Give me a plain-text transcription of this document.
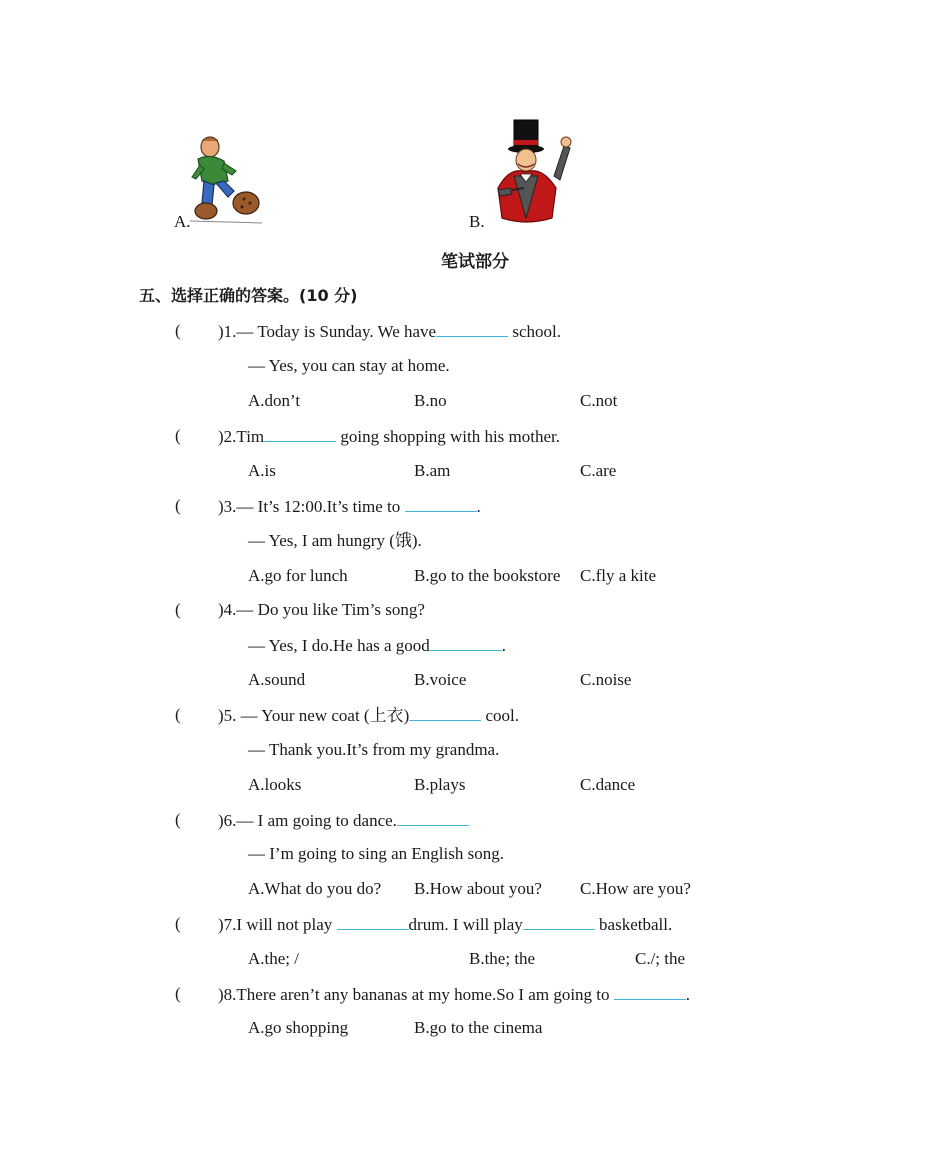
A.	B.
笔试部分
五、选择正确的答案。(10 分)
( )1.— Today is Sunday. We have	school.
— Yes, you can stay at home.
A.don’t	B.no	C.not
( )2.Tim	going shopping with his mother.
A.is	B.am	C.are
( )3.— It’s 12:00.It’s time to	.
— Yes, I am hungry (饿).
A.go for lunch	B.go to the bookstore C.fly a kite
( )4.— Do you like Tim’s song?
— Yes, I do.He has a good	.
A.sound	B.voice	C.noise
( )5. — Your new coat (上衣)	cool.
— Thank you.It’s from my grandma.
A.looks	B.plays	C.dance
( )6.— I am going to dance.
— I’m going to sing an English song.
A.What do you do? B.How about you? C.How are you?
( )7.I will not play	drum. I will play	basketball.
A.the; /	B.the; the	C./; the
( )8.There aren’t any bananas at my home.So I am going to	.
A.go shopping	B.go to the cinema
